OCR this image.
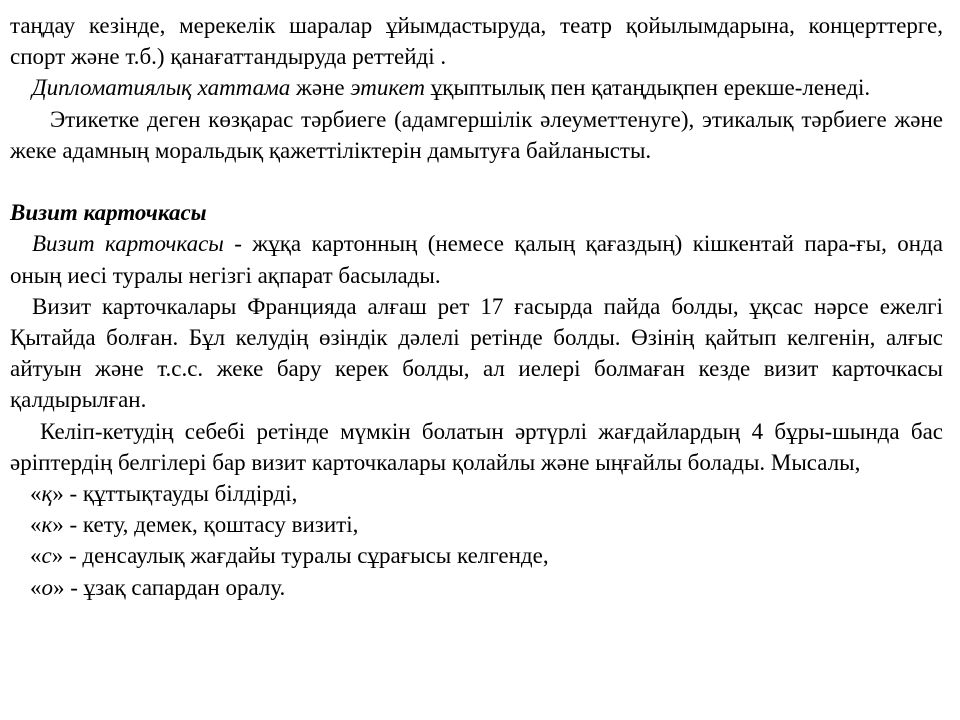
таңдау кезінде, мерекелік шаралар ұйымдастыруда, театр қойылымдарына, концерттерге, спорт және т.б.) қанағаттандыруда реттейді .

Дипломатиялық хаттама және этикет ұқыптылық пен қатаңдықпен ерекше-ленеді.

Этикетке деген көзқарас тәрбиеге (адамгершілік әлеуметтенуге), этикалық тәрбиеге және жеке адамның моральдық қажеттіліктерін дамытуға байланысты.

Визит карточкасы

Визит карточкасы - жұқа картонның (немесе қалың қағаздың) кішкентай пара-ғы, онда оның иесі туралы негізгі ақпарат басылады.

Визит карточкалары Францияда алғаш рет 17 ғасырда пайда болды, ұқсас нәрсе ежелгі Қытайда болған. Бұл келудің өзіндік дәлелі ретінде болды. Өзінің қайтып келгенін, алғыс айтуын және т.с.с. жеке бару керек болды, ал иелері болмаған кезде визит карточкасы қалдырылған.

Келіп-кетудің себебі ретінде мүмкін болатын әртүрлі жағдайлардың 4 бұры-шында бас әріптердің белгілері бар визит карточкалары қолайлы және ыңғайлы болады. Мысалы,

«қ» - құттықтауды білдірді,

«к» - кету, демек, қоштасу визиті,

«с» - денсаулық жағдайы туралы сұрағысы келгенде,

«о» - ұзақ сапардан оралу.
